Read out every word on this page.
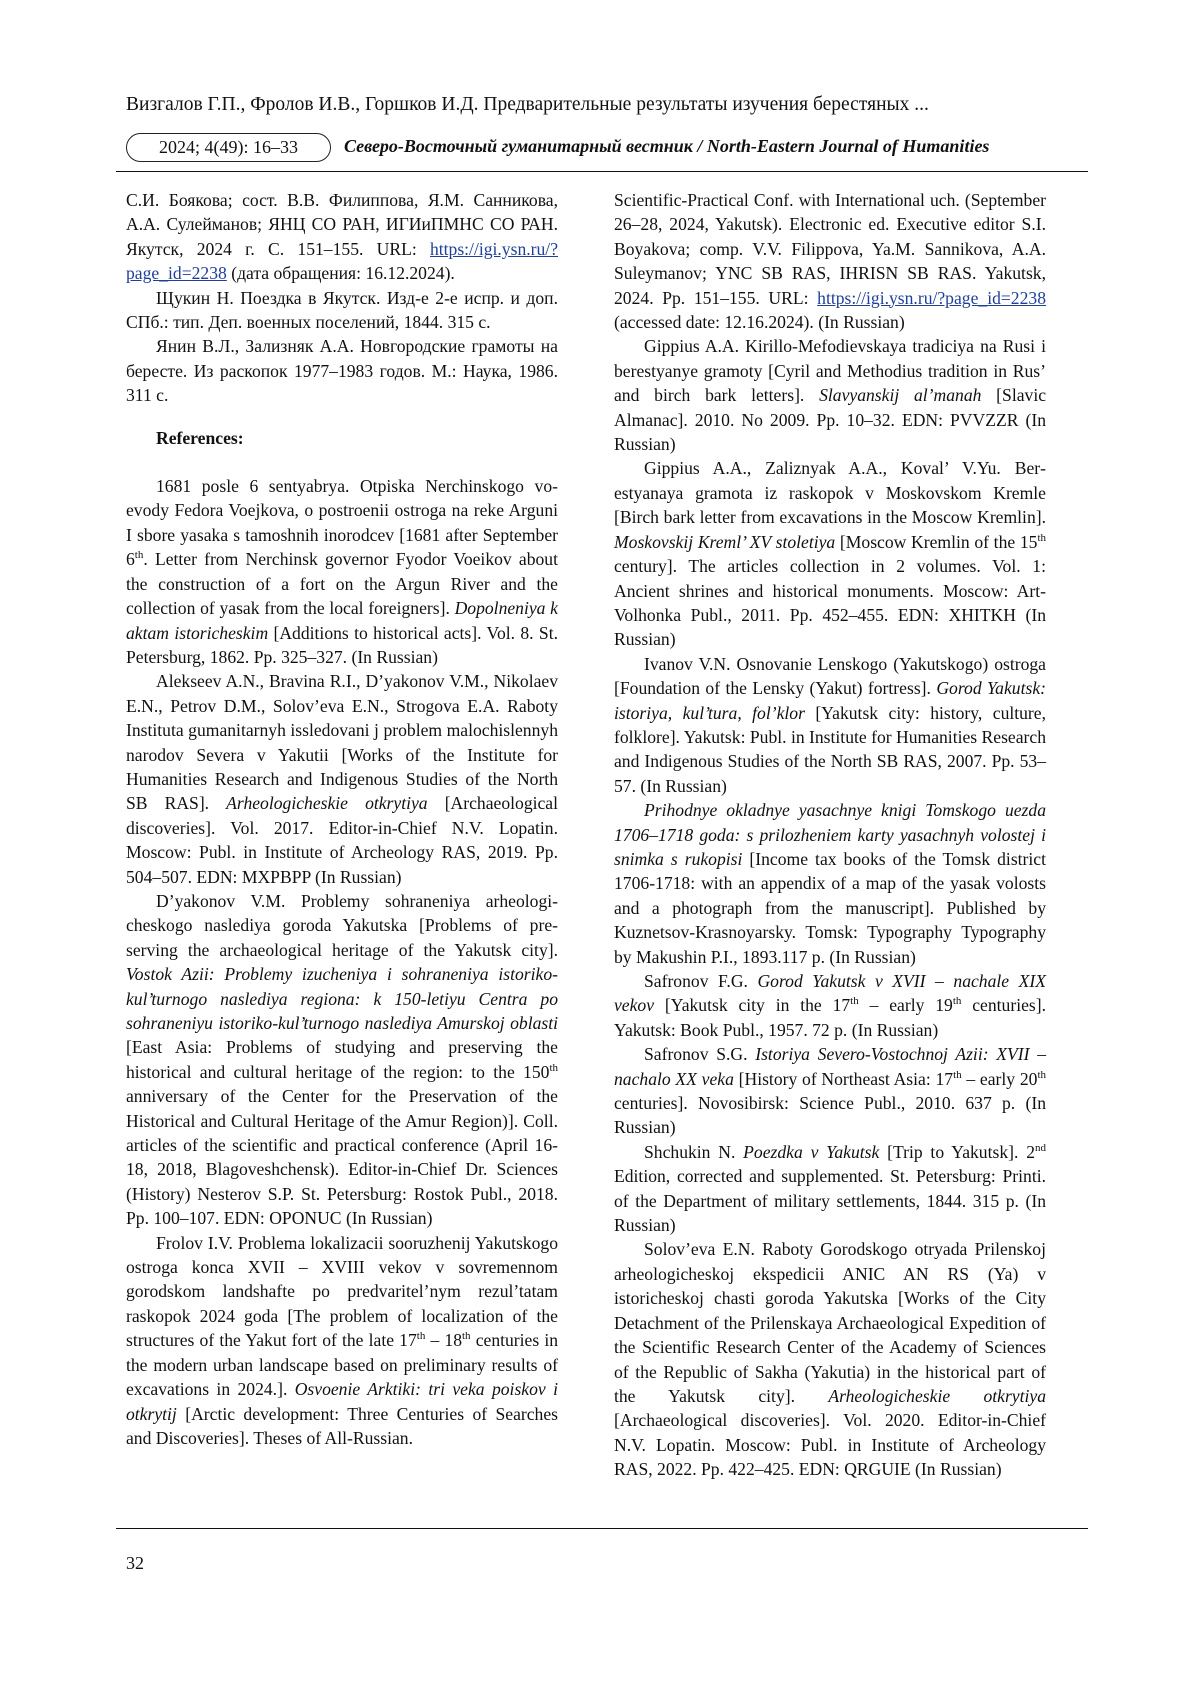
Визгалов Г.П., Фролов И.В., Горшков И.Д. Предварительные результаты изучения берестяных ...
2024; 4(49): 16–33	Северо-Восточный гуманитарный вестник / North-Eastern Journal of Humanities

С.И. Боякова; сост. В.В. Филиппова, Я.М. Санникова, А.А. Сулейманов; ЯНЦ СО РАН, ИГИиПМНС СО РАН. Якутск, 2024 г. С. 151–155. URL: https://igi.ysn.ru/?page_id=2238 (дата обращения: 16.12.2024).

Щукин Н. Поездка в Якутск. Изд-е 2-е испр. и доп. СПб.: тип. Деп. военных поселений, 1844. 315 с.

Янин В.Л., Зализняк А.А. Новгородские грамоты на бересте. Из раскопок 1977–1983 годов. М.: Наука, 1986. 311 с.

References:

1681 posle 6 sentyabrya. Otpiska Nerchinskogo voevody Fedora Voejkova, o postroenii ostroga na reke Arguni I sbore yasaka s tamoshnih inorodcev [1681 after September 6th. Letter from Nerchinsk governor Fyodor Voeikov about the construction of a fort on the Argun River and the collection of yasak from the local foreigners]. Dopolneniya k aktam istoricheskim [Additions to historical acts]. Vol. 8. St. Petersburg, 1862. Pp. 325–327. (In Russian)

Alekseev A.N., Bravina R.I., D’yakonov V.M., Nikolaev E.N., Petrov D.M., Solov’eva E.N., Strogova E.A. Raboty Instituta gumanitarnyh issledovani j problem malochislennyh narodov Severa v Yakutii [Works of the Institute for Humanities Research and Indigenous Studies of the North SB RAS]. Arheologicheskie otkrytiya [Archaeological discoveries]. Vol. 2017. Editor-in-Chief N.V. Lopatin. Moscow: Publ. in Institute of Archeology RAS, 2019. Pp. 504–507. EDN: MXPBPP (In Russian)

D’yakonov V.M. Problemy sohraneniya arheologicheskogo naslediya goroda Yakutska [Problems of preserving the archaeological heritage of the Yakutsk city]. Vostok Azii: Problemy izucheniya i sohraneniya istoriko-kul’turnogo naslediya regiona: k 150-letiyu Centra po sohraneniyu istoriko-kul’turnogo naslediya Amurskoj oblasti [East Asia: Problems of studying and preserving the historical and cultural heritage of the region: to the 150th anniversary of the Center for the Preservation of the Historical and Cultural Heritage of the Amur Region)]. Coll. articles of the scientific and practical conference (April 16-18, 2018, Blagoveshchensk). Editor-in-Chief Dr. Sciences (History) Nesterov S.P. St. Petersburg: Rostok Publ., 2018. Pp. 100–107. EDN: OPONUC (In Russian)

Frolov I.V. Problema lokalizacii sooruzhenij Yakutskogo ostroga konca XVII – XVIII vekov v sovremennom gorodskom landshafte po predvaritel’nym rezul’tatam raskopok 2024 goda [The problem of localization of the structures of the Yakut fort of the late 17th – 18th centuries in the modern urban landscape based on preliminary results of excavations in 2024.]. Osvoenie Arktiki: tri veka poiskov i otkrytij [Arctic development: Three Centuries of Searches and Discoveries]. Theses of All-Russian.

Scientific-Practical Conf. with International uch. (September 26–28, 2024, Yakutsk). Electronic ed. Executive editor S.I. Boyakova; comp. V.V. Filippova, Ya.M. Sannikova, A.A. Suleymanov; YNC SB RAS, IHRISN SB RAS. Yakutsk, 2024. Pp. 151–155. URL: https://igi.ysn.ru/?page_id=2238 (accessed date: 12.16.2024). (In Russian)

Gippius A.A. Kirillo-Mefodievskaya tradiciya na Rusi i berestyanye gramoty [Cyril and Methodius tradition in Rus’ and birch bark letters]. Slavyanskij al’manah [Slavic Almanac]. 2010. No 2009. Pp. 10–32. EDN: PVVZZR (In Russian)

Gippius A.A., Zaliznyak A.A., Koval’ V.Yu. Berestyanaya gramota iz raskopok v Moskovskom Kremle [Birch bark letter from excavations in the Moscow Kremlin]. Moskovskij Kreml’ XV stoletiya [Moscow Kremlin of the 15th century]. The articles collection in 2 volumes. Vol. 1: Ancient shrines and historical monuments. Moscow: Art-Volhonka Publ., 2011. Pp. 452–455. EDN: XHITKH (In Russian)

Ivanov V.N. Osnovanie Lenskogo (Yakutskogo) ostroga [Foundation of the Lensky (Yakut) fortress]. Gorod Yakutsk: istoriya, kul’tura, fol’klor [Yakutsk city: history, culture, folklore]. Yakutsk: Publ. in Institute for Humanities Research and Indigenous Studies of the North SB RAS, 2007. Pp. 53–57. (In Russian)

Prihodnye okladnye yasachnye knigi Tomskogo uezda 1706–1718 goda: s prilozheniem karty yasachnyh volostej i snimka s rukopisi [Income tax books of the Tomsk district 1706-1718: with an appendix of a map of the yasak volosts and a photograph from the manuscript]. Published by Kuznetsov-Krasnoyarsky. Tomsk: Typography Typography by Makushin P.I., 1893.117 p. (In Russian)

Safronov F.G. Gorod Yakutsk v XVII – nachale XIX vekov [Yakutsk city in the 17th – early 19th centuries]. Yakutsk: Book Publ., 1957. 72 p. (In Russian)

Safronov S.G. Istoriya Severo-Vostochnoj Azii: XVII – nachalo XX veka [History of Northeast Asia: 17th – early 20th centuries]. Novosibirsk: Science Publ., 2010. 637 p. (In Russian)

Shchukin N. Poezdka v Yakutsk [Trip to Yakutsk]. 2nd Edition, corrected and supplemented. St. Petersburg: Printi. of the Department of military settlements, 1844. 315 p. (In Russian)

Solov’eva E.N. Raboty Gorodskogo otryada Prilenskoj arheologicheskoj ekspedicii ANIC AN RS (Ya) v istoricheskoj chasti goroda Yakutska [Works of the City Detachment of the Prilenskaya Archaeological Expedition of the Scientific Research Center of the Academy of Sciences of the Republic of Sakha (Yakutia) in the historical part of the Yakutsk city]. Arheologicheskie otkrytiya [Archaeological discoveries]. Vol. 2020. Editor-in-Chief N.V. Lopatin. Moscow: Publ. in Institute of Archeology RAS, 2022. Pp. 422–425. EDN: QRGUIE (In Russian)

32
